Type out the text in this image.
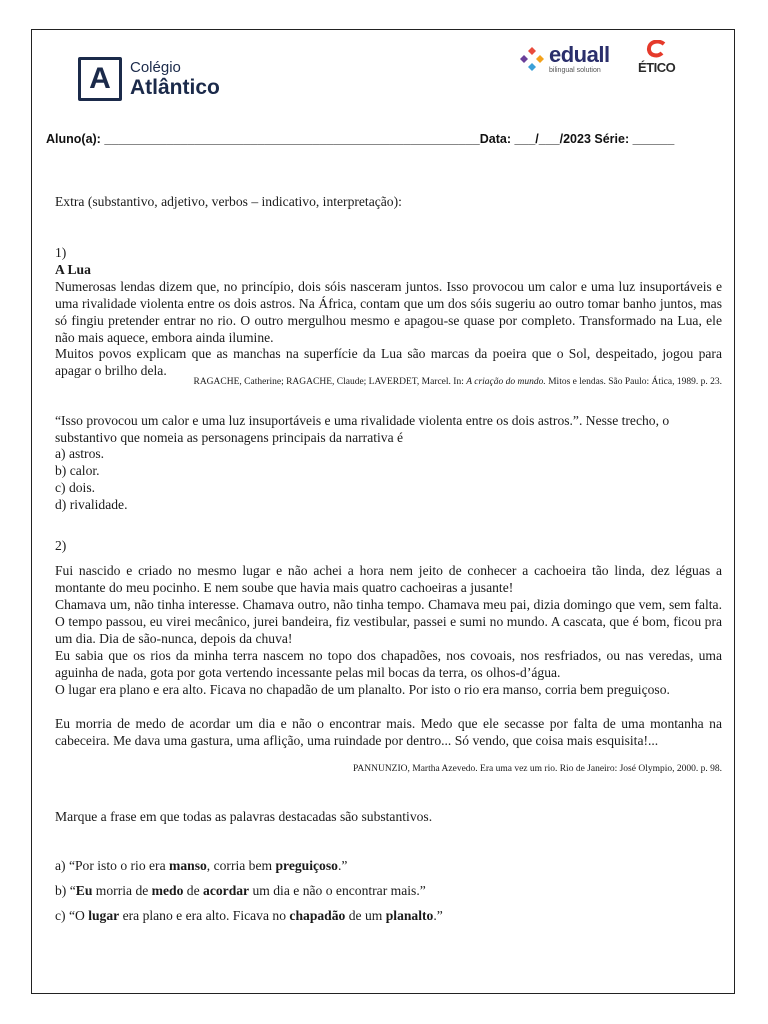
A Colégio
Atlântico
eduall
bilingual solution	ÉTICO
Aluno(a): ______________________________________________________Data: ___/___/2023 Série: ______
Extra (substantivo, adjetivo, verbos – indicativo, interpretação):
1)
A Lua
Numerosas lendas dizem que, no princípio, dois sóis nasceram juntos. Isso provocou um calor e uma luz insuportáveis e uma rivalidade violenta entre os dois astros. Na África, contam que um dos sóis sugeriu ao outro tomar banho juntos, mas só fingiu pretender entrar no rio. O outro mergulhou mesmo e apagou-se quase por completo. Transformado na Lua, ele não mais aquece, embora ainda ilumine.
Muitos povos explicam que as manchas na superfície da Lua são marcas da poeira que o Sol, despeitado, jogou para apagar o brilho dela.
RAGACHE, Catherine; RAGACHE, Claude; LAVERDET, Marcel. In: A criação do mundo. Mitos e lendas. São Paulo: Ática, 1989. p. 23.
“Isso provocou um calor e uma luz insuportáveis e uma rivalidade violenta entre os dois astros.”. Nesse trecho, o substantivo que nomeia as personagens principais da narrativa é
a) astros.
b) calor.
c) dois.
d) rivalidade.
2)
Fui nascido e criado no mesmo lugar e não achei a hora nem jeito de conhecer a cachoeira tão linda, dez léguas a montante do meu pocinho. E nem soube que havia mais quatro cachoeiras a jusante!
Chamava um, não tinha interesse. Chamava outro, não tinha tempo. Chamava meu pai, dizia domingo que vem, sem falta. O tempo passou, eu virei mecânico, jurei bandeira, fiz vestibular, passei e sumi no mundo. A cascata, que é bom, ficou pra um dia. Dia de são-nunca, depois da chuva!
Eu sabia que os rios da minha terra nascem no topo dos chapadões, nos covoais, nos resfriados, ou nas veredas, uma aguinha de nada, gota por gota vertendo incessante pelas mil bocas da terra, os olhos-d’água.
O lugar era plano e era alto. Ficava no chapadão de um planalto. Por isto o rio era manso, corria bem preguiçoso.
Eu morria de medo de acordar um dia e não o encontrar mais. Medo que ele secasse por falta de uma montanha na cabeceira. Me dava uma gastura, uma aflição, uma ruindade por dentro... Só vendo, que coisa mais esquisita!...
PANNUNZIO, Martha Azevedo. Era uma vez um rio. Rio de Janeiro: José Olympio, 2000. p. 98.
Marque a frase em que todas as palavras destacadas são substantivos.
a) “Por isto o rio era manso, corria bem preguiçoso.”
b) “Eu morria de medo de acordar um dia e não o encontrar mais.”
c) “O lugar era plano e era alto. Ficava no chapadão de um planalto.”
